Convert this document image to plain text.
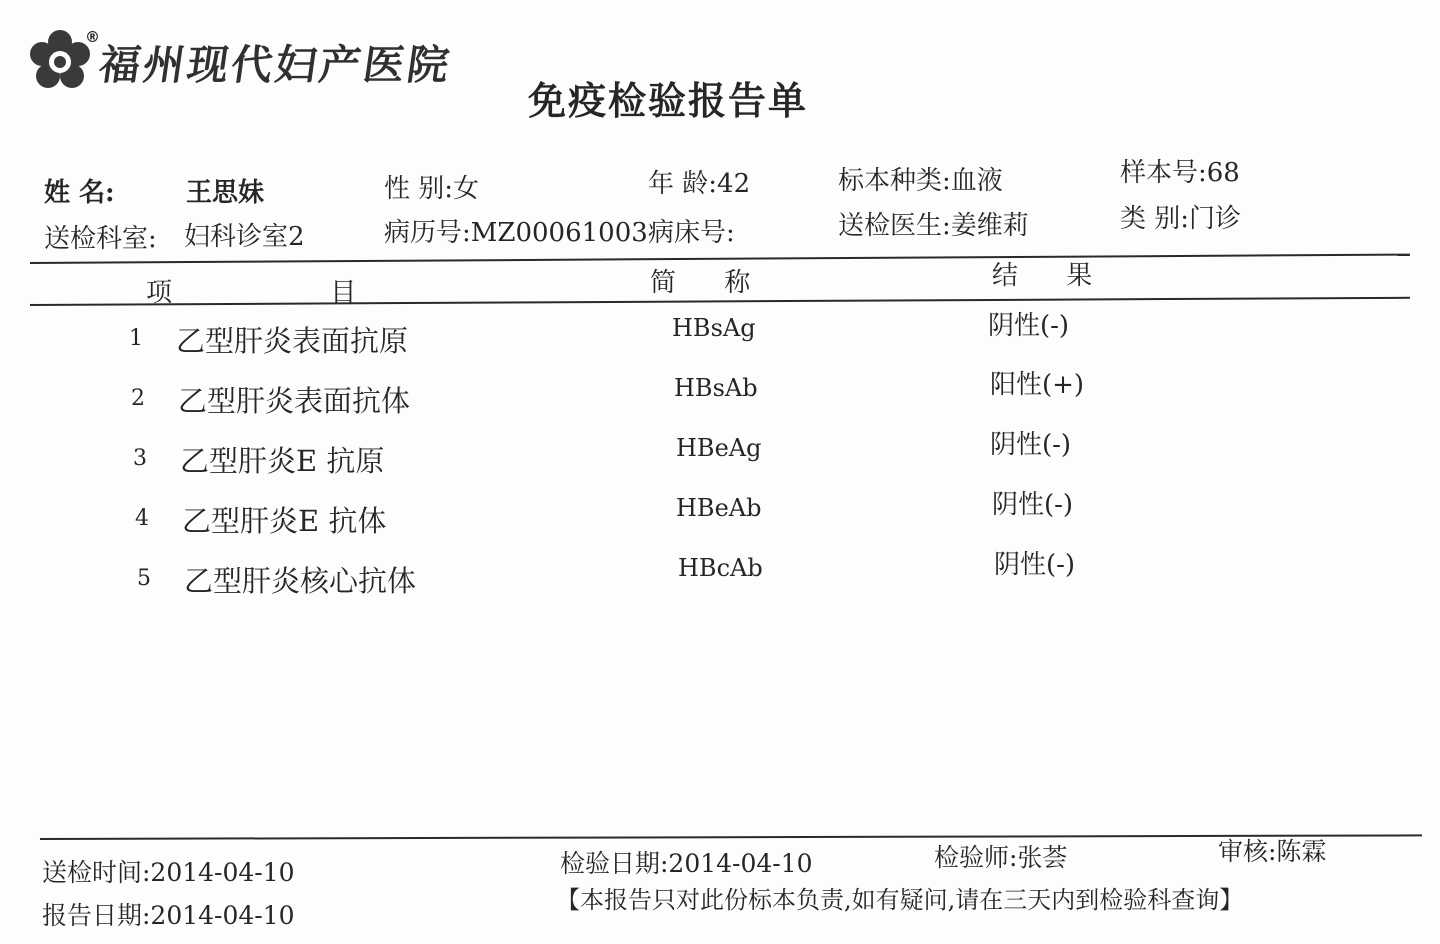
®
福州现代妇产医院
免疫检验报告单
姓 名:	王思妹	性 别:女	年 龄:42	标本种类:血液	样本号:68
送检科室: 妇科诊室2	病历号:MZ00061003 病床号:	送检医生:姜维莉	类 别:门诊
项 目	简 称	结 果
1 乙型肝炎表面抗原	HBsAg	阴性(-)
2 乙型肝炎表面抗体	HBsAb	阳性(+)
3 乙型肝炎E 抗原	HBeAg	阴性(-)
4 乙型肝炎E 抗体	HBeAb	阴性(-)
5 乙型肝炎核心抗体	HBcAb	阴性(-)
送检时间:2014-04-10
报告日期:2014-04-10
检验日期:2014-04-10	检验师:张荟	审核:陈霖
【本报告只对此份标本负责,如有疑问,请在三天内到检验科查询】
